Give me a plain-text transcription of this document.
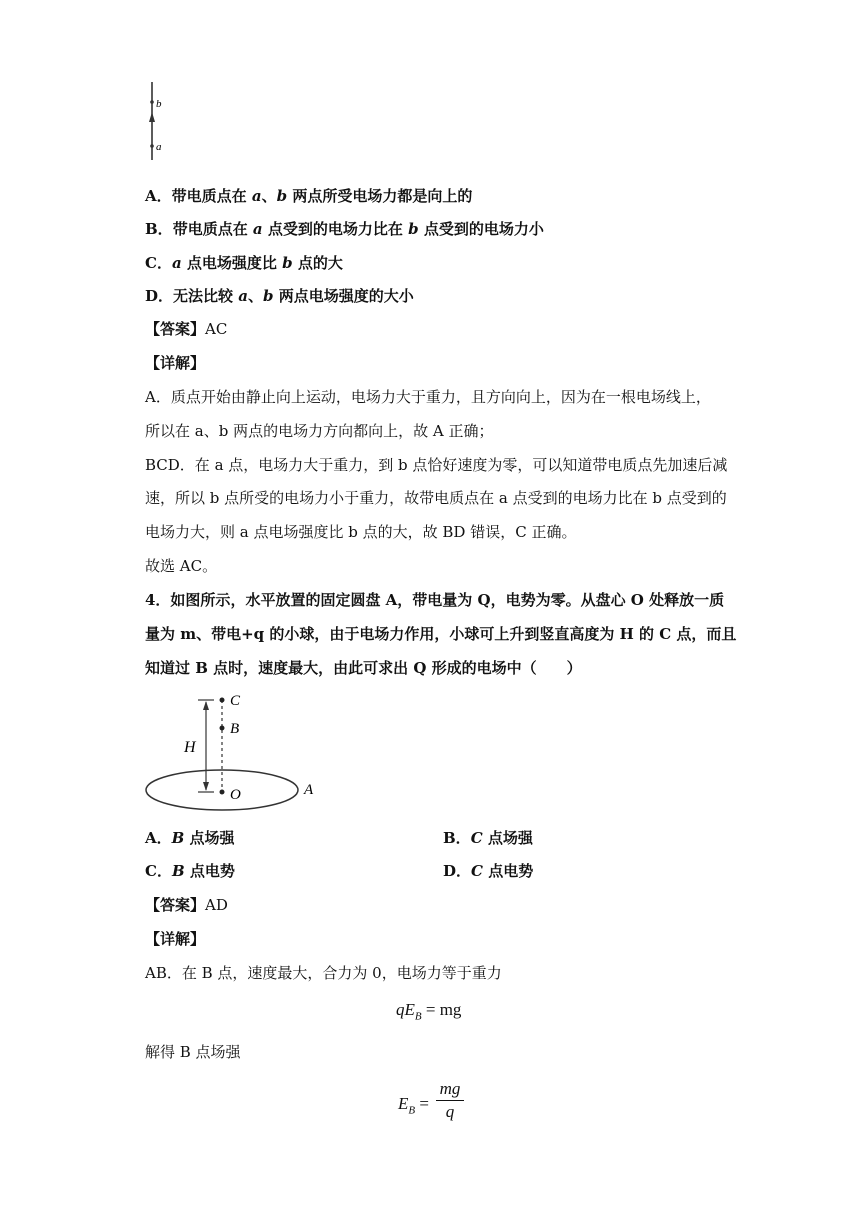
b
a
A．带电质点在 a、b 两点所受电场力都是向上的
B．带电质点在 a 点受到的电场力比在 b 点受到的电场力小
C．a 点电场强度比 b 点的大
D．无法比较 a、b 两点电场强度的大小
【答案】AC
【详解】
A．质点开始由静止向上运动，电场力大于重力，且方向向上，因为在一根电场线上，
所以在 a、b 两点的电场力方向都向上，故 A 正确；
BCD．在 a 点，电场力大于重力，到 b 点恰好速度为零，可以知道带电质点先加速后减
速，所以 b 点所受的电场力小于重力，故带电质点在 a 点受到的电场力比在 b 点受到的
电场力大，则 a 点电场强度比 b 点的大，故 BD 错误，C 正确。
故选 AC。
4．如图所示，水平放置的固定圆盘 A，带电量为 Q，电势为零。从盘心 O 处释放一质
量为 m、带电+q 的小球，由于电场力作用，小球可上升到竖直高度为 H 的 C 点，而且
知道过 B 点时，速度最大，由此可求出 Q 形成的电场中（　　）
C
B
H
O	A
A．B 点场强	B．C 点场强
C．B 点电势	D．C 点电势
【答案】AD
【详解】
AB．在 B 点，速度最大，合力为 0，电场力等于重力
$qE_B$ = mg
解得 B 点场强
$E_B$ =
mg
q
